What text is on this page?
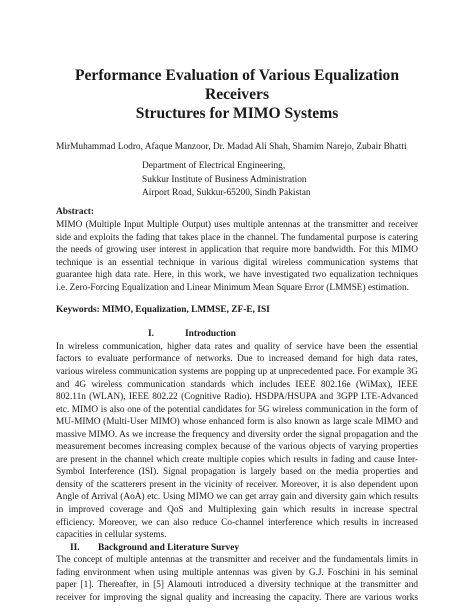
Performance Evaluation of Various Equalization Receivers
Structures for MIMO Systems
MirMuhammad Lodro, Afaque Manzoor, Dr. Madad Ali Shah, Shamim Narejo, Zubair Bhatti
Department of Electrical Engineering,
Sukkur Institute of Business Administration
Airport Road, Sukkur-65200, Sindh Pakistan
Abstract:
MIMO (Multiple Input Multiple Output) uses multiple antennas at the transmitter and receiver
side and exploits the fading that takes place in the channel. The fundamental purpose is catering
the needs of growing user interest in application that require more bandwidth. For this MIMO
technique is an essential technique in various digital wireless communication systems that
guarantee high data rate. Here, in this work, we have investigated two equalization techniques
i.e. Zero-Forcing Equalization and Linear Minimum Mean Square Error (LMMSE) estimation.
Keywords: MIMO, Equalization, LMMSE, ZF-E, ISI
I.	Introduction
In wireless communication, higher data rates and quality of service have been the essential
factors to evaluate performance of networks. Due to increased demand for high data rates,
various wireless communication systems are popping up at unprecedented pace. For example 3G
and 4G wireless communication standards which includes IEEE 802.16e (WiMax), IEEE
802.11n (WLAN), IEEE 802.22 (Cognitive Radio). HSDPA/HSUPA and 3GPP LTE-Advanced
etc. MIMO is also one of the potential candidates for 5G wireless communication in the form of
MU-MIMO (Multi-User MIMO) whose enhanced form is also known as large scale MIMO and
massive MIMO. As we increase the frequency and diversity order the signal propagation and the
measurement becomes increasing complex because of the various objects of varying properties
are present in the channel which create multiple copies which results in fading and cause Inter-
Symbol Interference (ISI). Signal propagation is largely based on the media properties and
density of the scatterers present in the vicinity of receiver. Moreover, it is also dependent upon
Angle of Arrival (AoA) etc. Using MIMO we can get array gain and diversity gain which results
in improved coverage and QoS and Multiplexing gain which results in increase spectral
efficiency. Moreover, we can also reduce Co-channel interference which results in increased
capacities in cellular systems.
II.	Background and Literature Survey
The concept of multiple antennas at the transmitter and receiver and the fundamentals limits in
fading environment when using multiple antennas was given by G.J. Foschini in his seminal
paper [1]. Thereafter, in [5] Alamouti introduced a diversity technique at the transmitter and
receiver for improving the signal quality and increasing the capacity. There are various works
